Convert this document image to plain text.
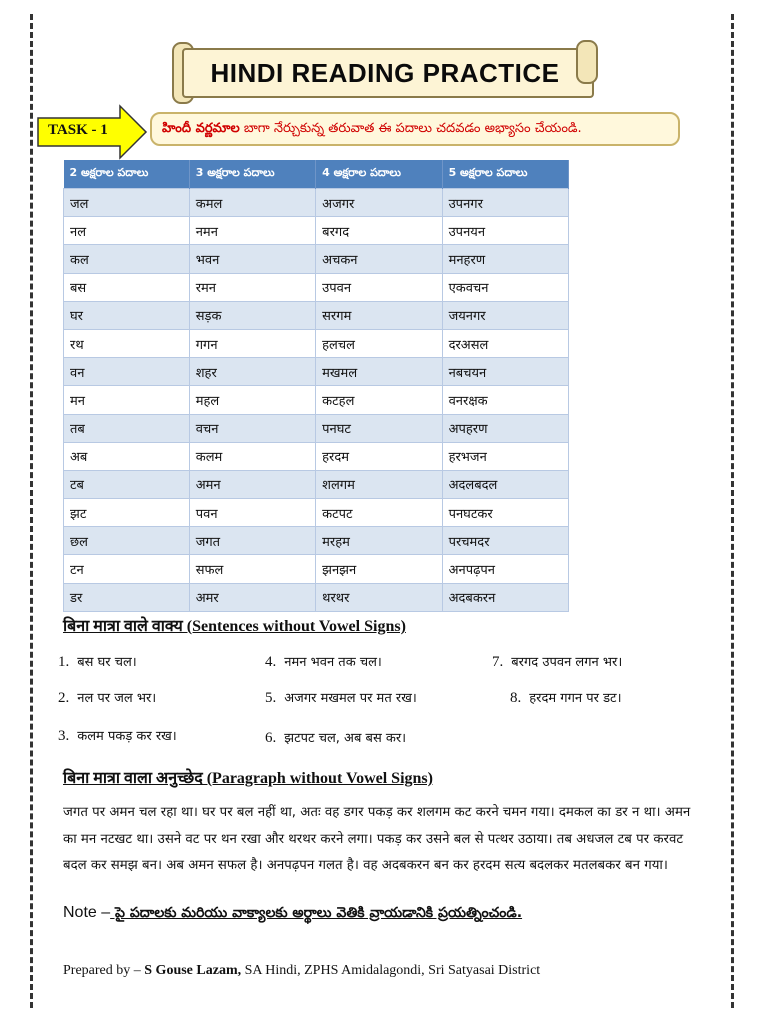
HINDI READING PRACTICE
TASK - 1	హిందీ వర్ణమాల బాగా నేర్చుకున్న తరువాత ఈ పదాలు చదవడం అభ్యాసం చేయండి.
2 అక్షరాల పదాలు	3 అక్షరాల పదాలు	4 అక్షరాల పదాలు	5 అక్షరాల పదాలు
जल	कमल	अजगर	उपनगर
नल	नमन	बरगद	उपनयन
कल	भवन	अचकन	मनहरण
बस	रमन	उपवन	एकवचन
घर	सड़क	सरगम	जयनगर
रथ	गगन	हलचल	दरअसल
वन	शहर	मखमल	नबचयन
मन	महल	कटहल	वनरक्षक
तब	वचन	पनघट	अपहरण
अब	कलम	हरदम	हरभजन
टब	अमन	शलगम	अदलबदल
झट	पवन	कटपट	पनघटकर
छल	जगत	मरहम	परचमदर
टन	सफल	झनझन	अनपढ़पन
डर	अमर	थरथर	अदबकरन
बिना मात्रा वाले वाक्य (Sentences without Vowel Signs)
1. बस घर चल।
2. नल पर जल भर।
3. कलम पकड़ कर रख।
4. नमन भवन तक चल।
5. अजगर मखमल पर मत रख।
6. झटपट चल, अब बस कर।
7. बरगद उपवन लगन भर।
8. हरदम गगन पर डट।
बिना मात्रा वाला अनुच्छेद (Paragraph without Vowel Signs)
जगत पर अमन चल रहा था। घर पर बल नहीं था, अतः वह डगर पकड़ कर शलगम कट करने चमन गया। दमकल का डर न था। अमन का मन नटखट था। उसने वट पर थन रखा और थरथर करने लगा। पकड़ कर उसने बल से पत्थर उठाया। तब अधजल टब पर करवट बदल कर समझ बन। अब अमन सफल है। अनपढ़पन गलत है। वह अदबकरन बन कर हरदम सत्य बदलकर मतलबकर बन गया।
Note – పై పదాలకు మరియు వాక్యాలకు అర్థాలు వెతికి వ్రాయడానికి ప్రయత్నించండి.
Prepared by – S Gouse Lazam, SA Hindi, ZPHS Amidalagondi, Sri Satyasai District
